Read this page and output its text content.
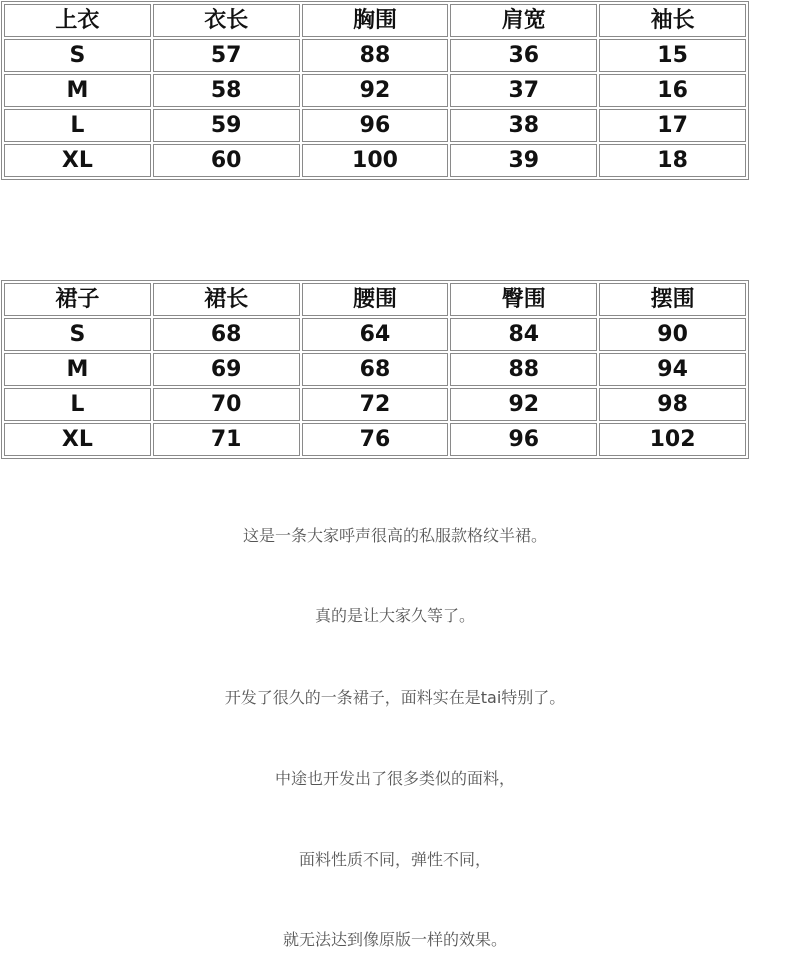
上衣	衣长	胸围	肩宽	袖长
S	57	88	36	15
M	58	92	37	16
L	59	96	38	17
XL	60	100	39	18
裙子	裙长	腰围	臀围	摆围
S	68	64	84	90
M	69	68	88	94
L	70	72	92	98
XL	71	76	96	102

这是一条大家呼声很高的私服款格纹半裙。

真的是让大家久等了。

开发了很久的一条裙子，面料实在是tai特别了。

中途也开发出了很多类似的面料，

面料性质不同，弹性不同，

就无法达到像原版一样的效果。
